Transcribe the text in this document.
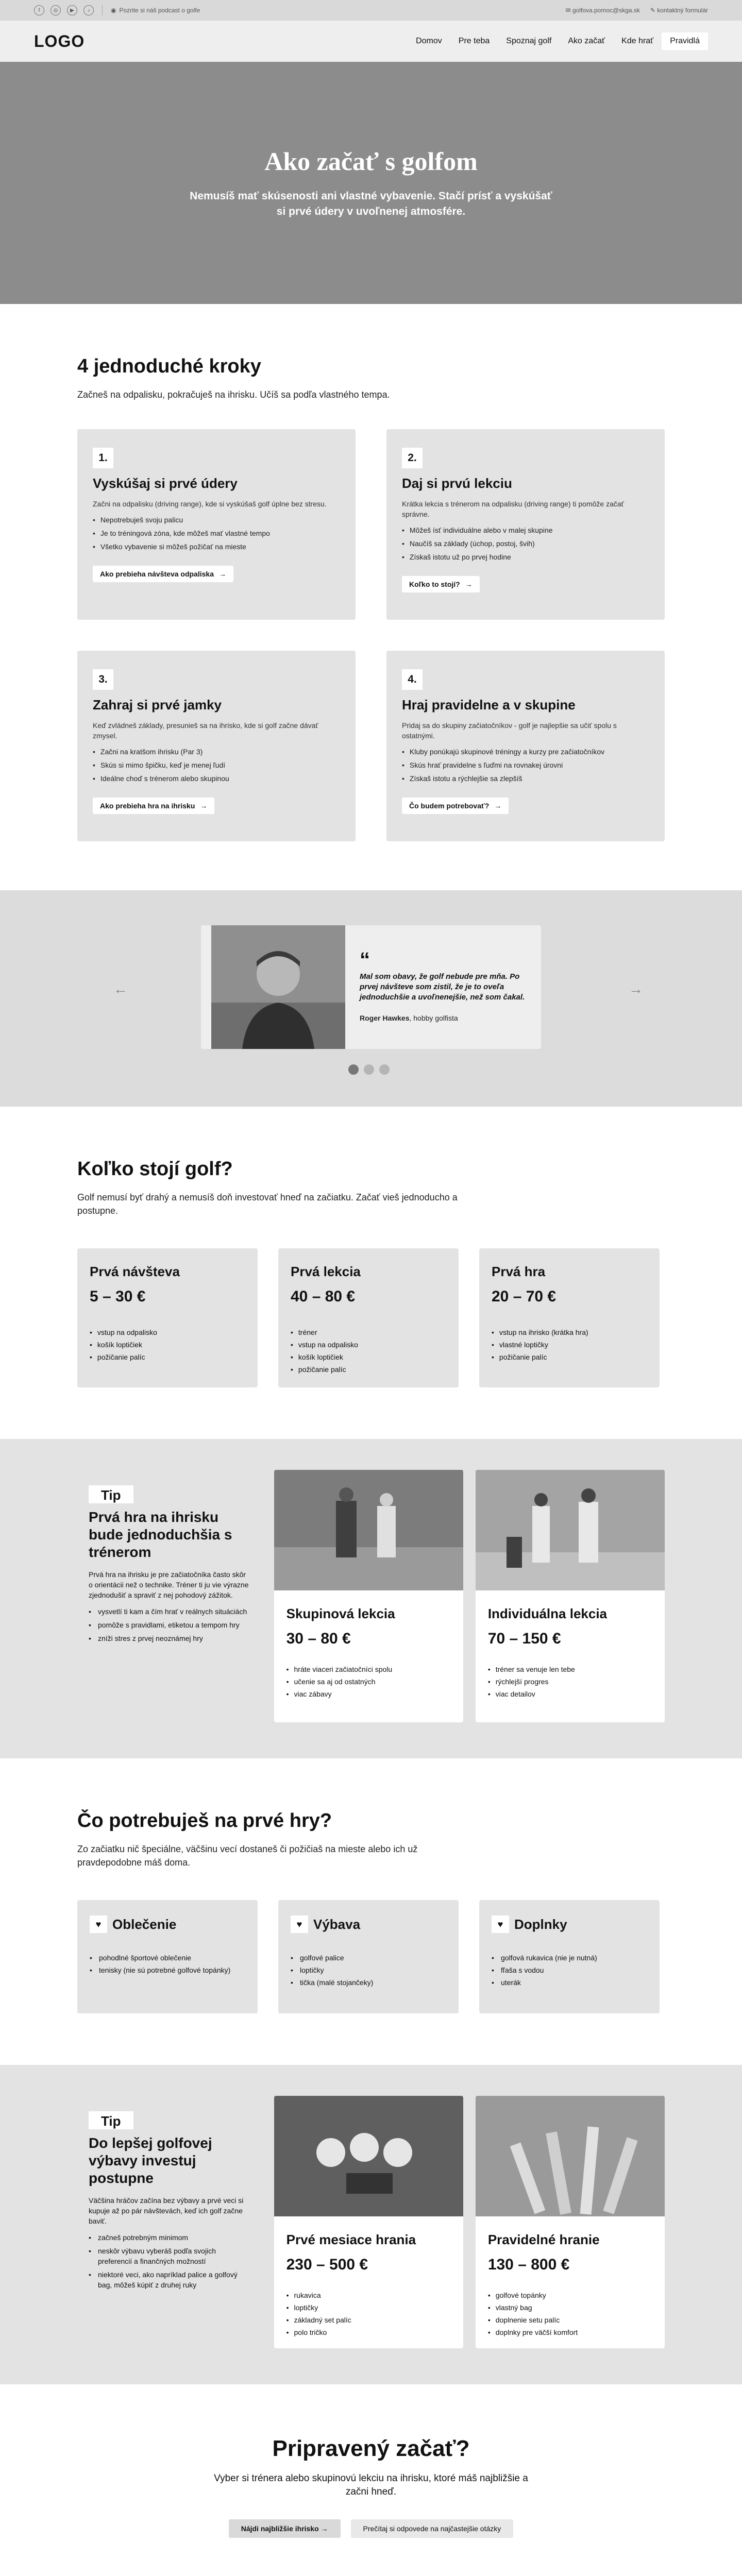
f	◎	▶	♪	◉ Pozrite si náš podcast o golfe	✉ golfova.pomoc@skga.sk ✎ kontaktný formulár
LOGO	Domov	Pre teba	Spoznaj golf	Ako začať	Kde hrať	Pravidlá
Ako začať s golfom

Nemusíš mať skúsenosti ani vlastné vybavenie. Stačí prísť a vyskúšať si prvé údery v uvoľnenej atmosfére.

4 jednoduché kroky

Začneš na odpalisku, pokračuješ na ihrisku. Učíš sa podľa vlastného tempa.

1.
Vyskúšaj si prvé údery

Začni na odpalisku (driving range), kde si vyskúšaš golf úplne bez stresu.

• Nepotrebuješ svoju palicu
• Je to tréningová zóna, kde môžeš mať vlastné tempo
• Všetko vybavenie si môžeš požičať na mieste
Ako prebieha návšteva odpaliska →
2.
Daj si prvú lekciu

Krátka lekcia s trénerom na odpalisku (driving range) ti pomôže začať správne.

• Môžeš ísť individuálne alebo v malej skupine
• Naučíš sa základy (úchop, postoj, švih)
• Získaš istotu už po prvej hodine
Koľko to stojí? →
3.
Zahraj si prvé jamky

Keď zvládneš základy, presunieš sa na ihrisko, kde si golf začne dávať zmysel.

• Začni na kratšom ihrisku (Par 3)
• Skús si mimo špičku, keď je menej ľudí
• Ideálne choď s trénerom alebo skupinou
Ako prebieha hra na ihrisku →
4.
Hraj pravidelne a v skupine

Pridaj sa do skupiny začiatočníkov - golf je najlepšie sa učiť spolu s ostatnými.

• Kluby ponúkajú skupinové tréningy a kurzy pre začiatočníkov
• Skús hrať pravidelne s ľuďmi na rovnakej úrovni
• Získaš istotu a rýchlejšie sa zlepšíš
Čo budem potrebovať? →
←
“

Mal som obavy, že golf nebude pre mňa. Po prvej návšteve som zistil, že je to oveľa jednoduchšie a uvoľnenejšie, než som čakal.

Roger Hawkes, hobby golfista

→
Koľko stojí golf?

Golf nemusí byť drahý a nemusíš doň investovať hneď na začiatku. Začať vieš jednoducho a postupne.

Prvá návšteva
5 – 30 €
• vstup na odpalisko
• košík loptičiek
• požičanie palíc
Prvá lekcia
40 – 80 €
• tréner
• vstup na odpalisko
• košík loptičiek
• požičanie palíc
Prvá hra
20 – 70 €
• vstup na ihrisko (krátka hra)
• vlastné loptičky
• požičanie palíc
Tip
Prvá hra na ihrisku bude jednoduchšia s trénerom

Prvá hra na ihrisku je pre začiatočníka často skôr o orientácii než o technike. Tréner ti ju vie výrazne zjednodušiť a spraviť z nej pohodový zážitok.

• vysvetlí ti kam a čím hrať v reálnych situáciách
• pomôže s pravidlami, etiketou a tempom hry
• zníži stres z prvej neoznámej hry
Skupinová lekcia
30 – 80 €
• hráte viaceri začiatočníci spolu
• učenie sa aj od ostatných
• viac zábavy
Individuálna lekcia
70 – 150 €
• tréner sa venuje len tebe
• rýchlejší progres
• viac detailov
Čo potrebuješ na prvé hry?

Zo začiatku nič špeciálne, väčšinu vecí dostaneš či požičiaš na mieste alebo ich už pravdepodobne máš doma.

♥ Oblečenie
• pohodlné športové oblečenie
• tenisky (nie sú potrebné golfové topánky)
♥ Výbava
• golfové palice
• loptičky
• tička (malé stojančeky)
♥ Doplnky
• golfová rukavica (nie je nutná)
• fľaša s vodou
• uterák
Tip
Do lepšej golfovej výbavy investuj postupne

Väčšina hráčov začína bez výbavy a prvé veci si kupuje až po pár návštevách, keď ich golf začne baviť.

• začneš potrebným minimom
• neskôr výbavu vyberáš podľa svojich preferencií a finančných možností
• niektoré veci, ako napríklad palice a golfový bag, môžeš kúpiť z druhej ruky
Prvé mesiace hrania
230 – 500 €
• rukavica
• loptičky
• základný set palíc
• polo tričko
Pravidelné hranie
130 – 800 €
• golfové topánky
• vlastný bag
• doplnenie setu palíc
• doplnky pre väčší komfort
Pripravený začať?

Vyber si trénera alebo skupinovú lekciu na ihrisku, ktoré máš najbližšie a začni hneď.

Nájdi najbližšie ihrisko →	Prečítaj si odpovede na najčastejšie otázky
